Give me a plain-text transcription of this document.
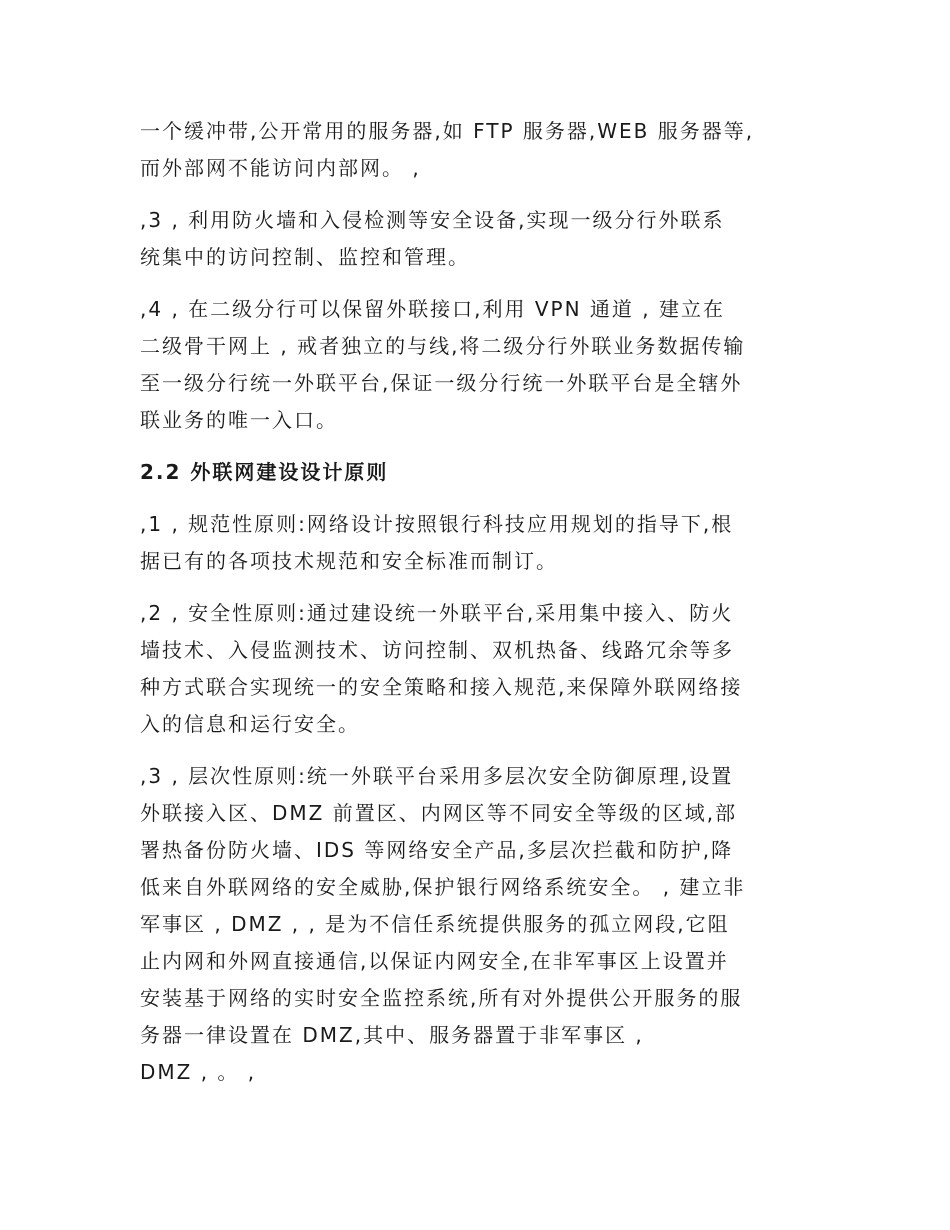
一个缓冲带,公开常用的服务器,如 FTP 服务器,WEB 服务器等,
而外部网不能访问内部网。 ,
,3 , 利用防火墙和入侵检测等安全设备,实现一级分行外联系
统集中的访问控制、监控和管理。
,4 , 在二级分行可以保留外联接口,利用 VPN 通道 , 建立在
二级骨干网上 , 戒者独立的与线,将二级分行外联业务数据传输
至一级分行统一外联平台,保证一级分行统一外联平台是全辖外
联业务的唯一入口。
2.2 外联网建设设计原则
,1 , 规范性原则:网络设计按照银行科技应用规划的指导下,根
据已有的各项技术规范和安全标准而制订。
,2 , 安全性原则:通过建设统一外联平台,采用集中接入、防火
墙技术、入侵监测技术、访问控制、双机热备、线路冗余等多
种方式联合实现统一的安全策略和接入规范,来保障外联网络接
入的信息和运行安全。
,3 , 层次性原则:统一外联平台采用多层次安全防御原理,设置
外联接入区、DMZ 前置区、内网区等不同安全等级的区域,部
署热备份防火墙、IDS 等网络安全产品,多层次拦截和防护,降
低来自外联网络的安全威胁,保护银行网络系统安全。 , 建立非
军事区 , DMZ , , 是为不信任系统提供服务的孤立网段,它阻
止内网和外网直接通信,以保证内网安全,在非军事区上设置并
安装基于网络的实时安全监控系统,所有对外提供公开服务的服
务器一律设置在 DMZ,其中、服务器置于非军事区 ,
DMZ , 。 ,
